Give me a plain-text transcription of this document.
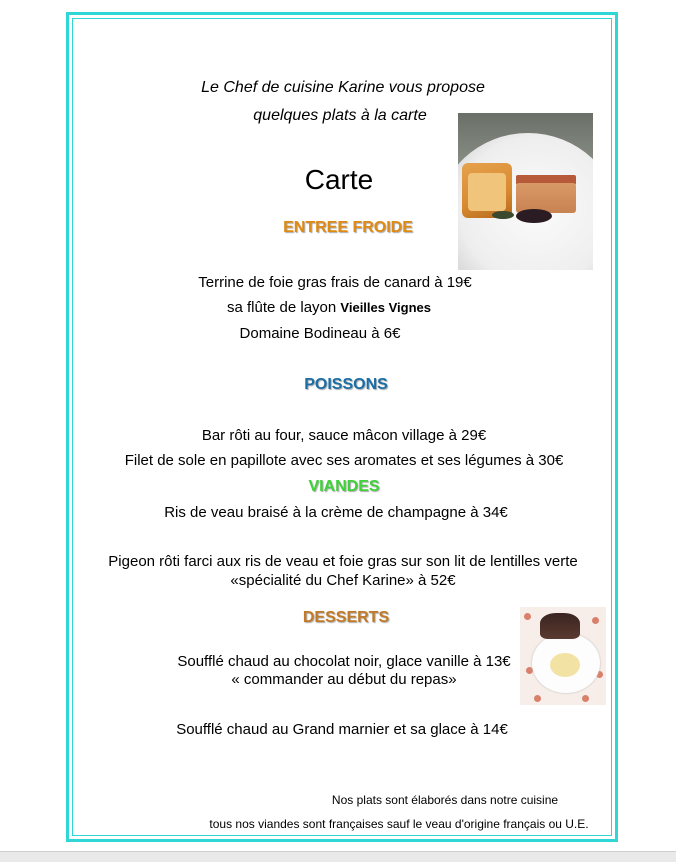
Le Chef de cuisine Karine vous propose
quelques plats à la carte
Carte
ENTREE FROIDE
Terrine de foie gras frais de canard à 19€
sa flûte de layon Vieilles Vignes
Domaine Bodineau à 6€
POISSONS
Bar rôti au four, sauce mâcon village à 29€
Filet de sole en papillote avec ses aromates et ses légumes à 30€
VIANDES
Ris de veau braisé à la crème de champagne à 34€
Pigeon rôti farci aux ris de veau et foie gras sur son lit de lentilles verte
«spécialité du Chef Karine» à 52€
DESSERTS
Soufflé chaud au chocolat noir, glace vanille à 13€
« commander au début du repas»
Soufflé chaud au Grand marnier et sa glace à 14€
Nos plats sont élaborés dans notre cuisine
tous nos viandes sont françaises sauf le veau d'origine français ou U.E.
